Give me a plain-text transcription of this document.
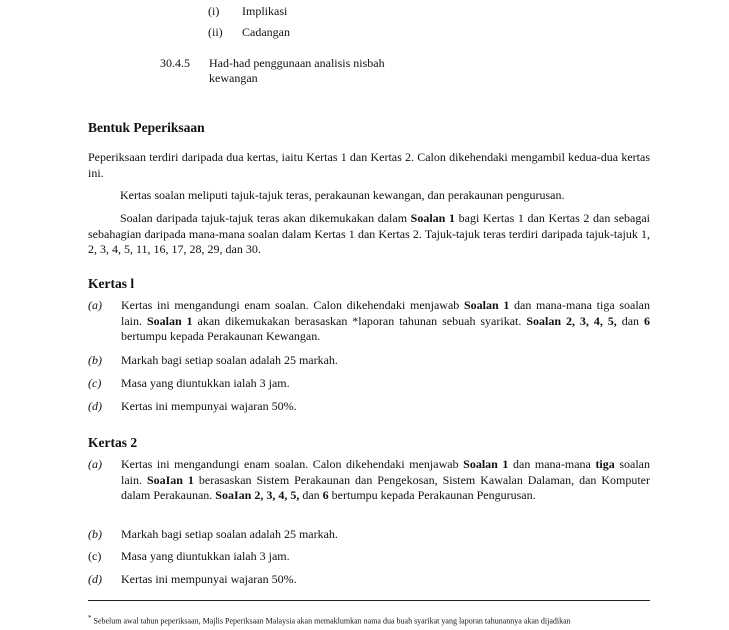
(i) Implikasi
(ii) Cadangan
30.4.5 Had-had penggunaan analisis nisbah
kewangan
Bentuk Peperiksaan
Peperiksaan terdiri daripada dua kertas, iaitu Kertas 1 dan Kertas 2. Calon dikehendaki mengambil kedua-dua kertas ini.
Kertas soalan meliputi tajuk-tajuk teras, perakaunan kewangan, dan perakaunan pengurusan.
Soalan daripada tajuk-tajuk teras akan dikemukakan dalam Soalan 1 bagi Kertas 1 dan Kertas 2 dan sebagai sebahagian daripada mana-mana soalan dalam Kertas 1 dan Kertas 2. Tajuk-tajuk teras terdiri daripada tajuk-tajuk 1, 2, 3, 4, 5, 11, 16, 17, 28, 29, dan 30.
Kertas l
(a) Kertas ini mengandungi enam soalan. Calon dikehendaki menjawab Soalan 1 dan mana-mana tiga soalan lain. Soalan 1 akan dikemukakan berasaskan *laporan tahunan sebuah syarikat. Soalan 2, 3, 4, 5, dan 6 bertumpu kepada Perakaunan Kewangan.
(b) Markah bagi setiap soalan adalah 25 markah.
(c) Masa yang diuntukkan ialah 3 jam.
(d) Kertas ini mempunyai wajaran 50%.
Kertas 2
(a) Kertas ini mengandungi enam soalan. Calon dikehendaki menjawab Soalan 1 dan mana-mana tiga soalan lain. SoaIan 1 berasaskan Sistem Perakaunan dan Pengekosan, Sistem Kawalan Dalaman, dan Komputer dalam Perakaunan. SoaIan 2, 3, 4, 5, dan 6 bertumpu kepada Perakaunan Pengurusan.
(b) Markah bagi setiap soalan adalah 25 markah.
(c) Masa yang diuntukkan ialah 3 jam.
(d) Kertas ini mempunyai wajaran 50%.
* Sebelum awal tahun peperiksaan, Majlis Peperiksaan Malaysia akan memaklumkan nama dua buah syarikat yang laporan tahunannya akan dijadikan
